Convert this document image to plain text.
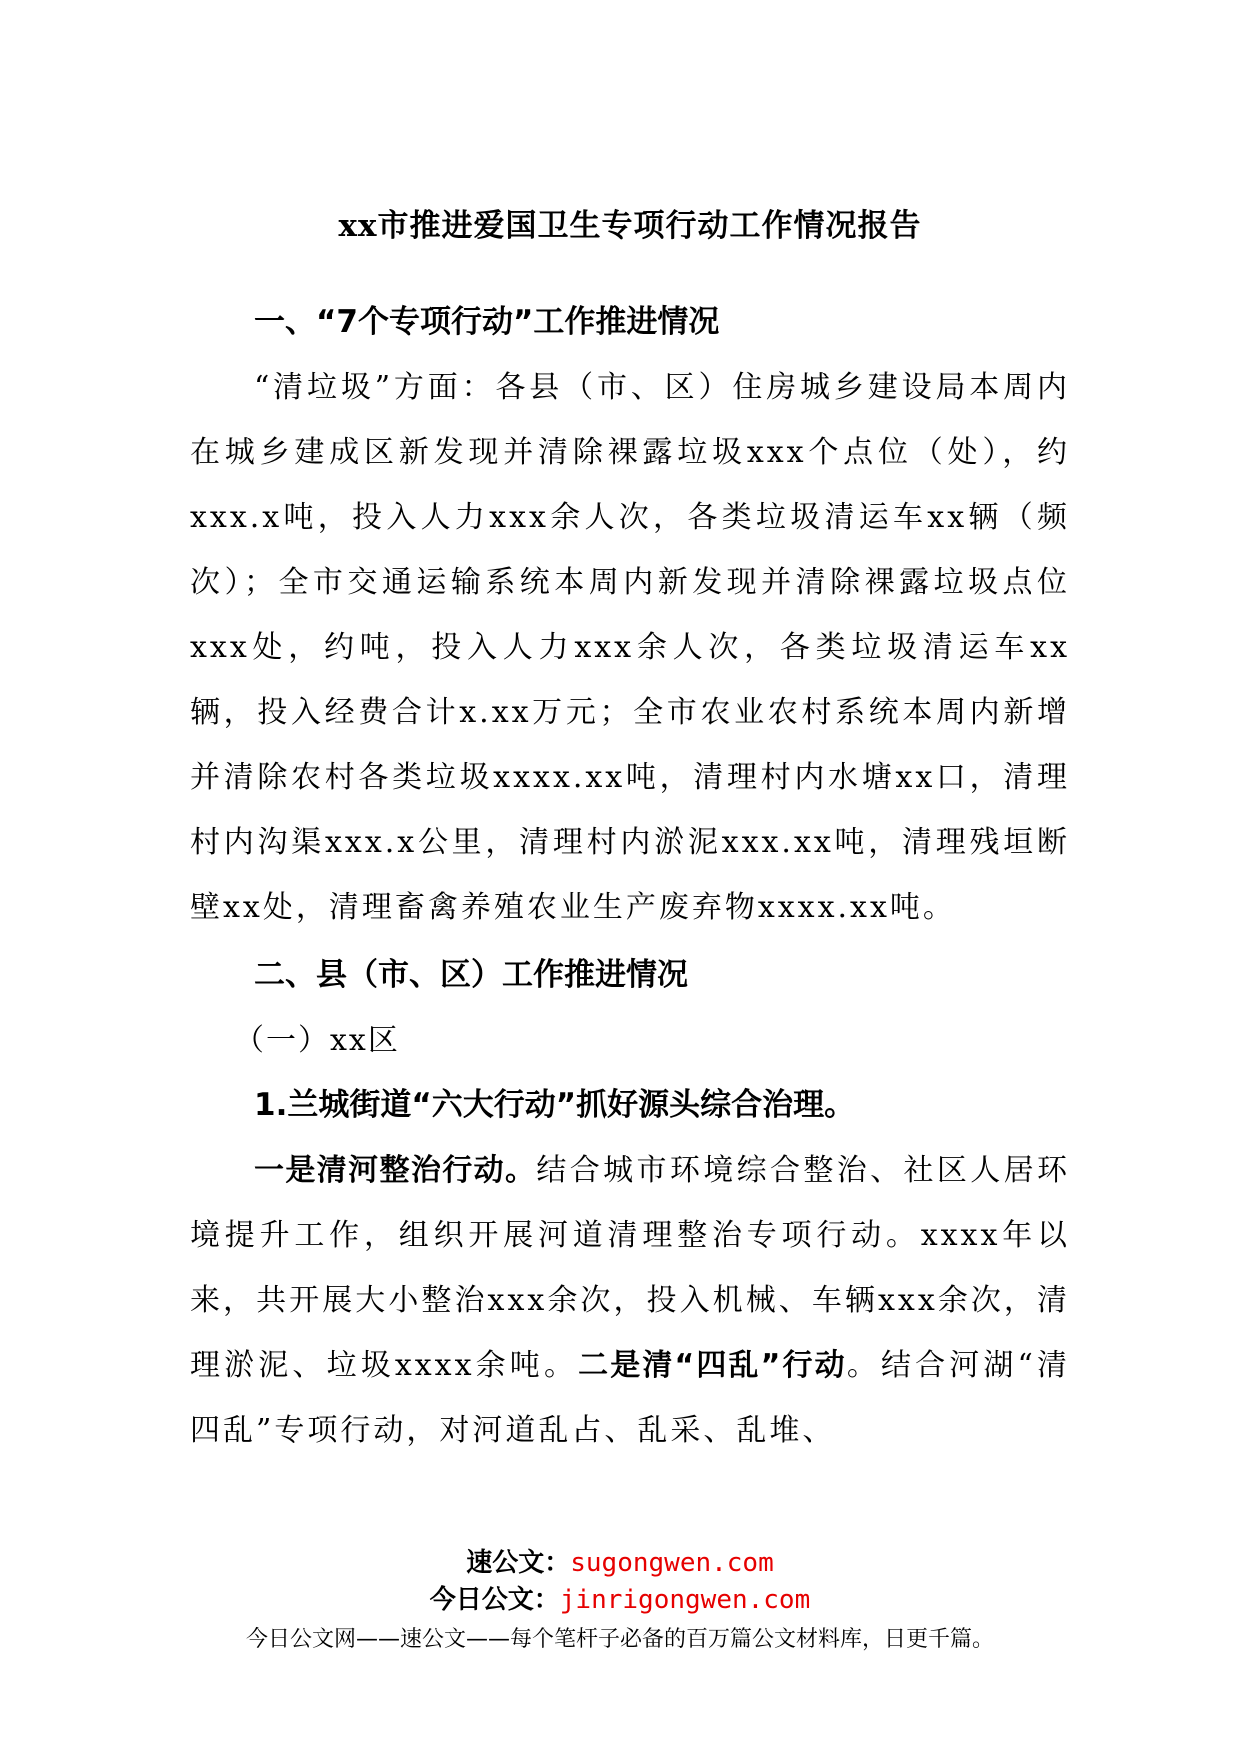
xx市推进爱国卫生专项行动工作情况报告
一、“7个专项行动”工作推进情况

“清垃圾”方面：各县（市、区）住房城乡建设局本周内在城乡建成区新发现并清除裸露垃圾xxx个点位（处），约xxx.x吨，投入人力xxx余人次，各类垃圾清运车xx辆（频次）；全市交通运输系统本周内新发现并清除裸露垃圾点位xxx处，约吨，投入人力xxx余人次，各类垃圾清运车xx辆，投入经费合计x.xx万元；全市农业农村系统本周内新增并清除农村各类垃圾xxxx.xx吨，清理村内水塘xx口，清理村内沟渠xxx.x公里，清理村内淤泥xxx.xx吨，清理残垣断壁xx处，清理畜禽养殖农业生产废弃物xxxx.xx吨。

二、县（市、区）工作推进情况

（一）xx区

1.兰城街道“六大行动”抓好源头综合治理。

一是清河整治行动。结合城市环境综合整治、社区人居环境提升工作，组织开展河道清理整治专项行动。xxxx年以来，共开展大小整治xxx余次，投入机械、车辆xxx余次，清理淤泥、垃圾xxxx余吨。二是清“四乱”行动。结合河湖“清四乱”专项行动，对河道乱占、乱采、乱堆、

速公文：sugongwen.com
今日公文：jinrigongwen.com
今日公文网——速公文——每个笔杆子必备的百万篇公文材料库，日更千篇。
